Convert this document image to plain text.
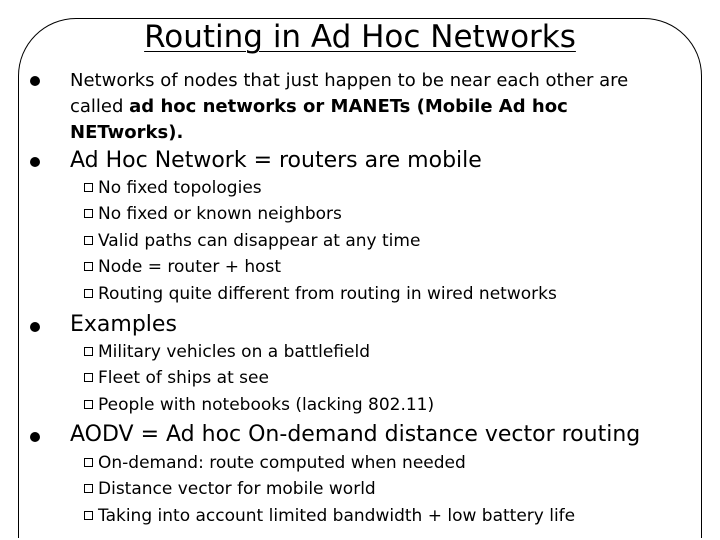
Routing in Ad Hoc Networks
Networks of nodes that just happen to be near each other are
called ad hoc networks or MANETs (Mobile Ad hoc
NETworks).
Ad Hoc Network = routers are mobile
No fixed topologies
No fixed or known neighbors
Valid paths can disappear at any time
Node = router + host
Routing quite different from routing in wired networks
Examples
Military vehicles on a battlefield
Fleet of ships at see
People with notebooks (lacking 802.11)
AODV = Ad hoc On-demand distance vector routing
On-demand: route computed when needed
Distance vector for mobile world
Taking into account limited bandwidth + low battery life
